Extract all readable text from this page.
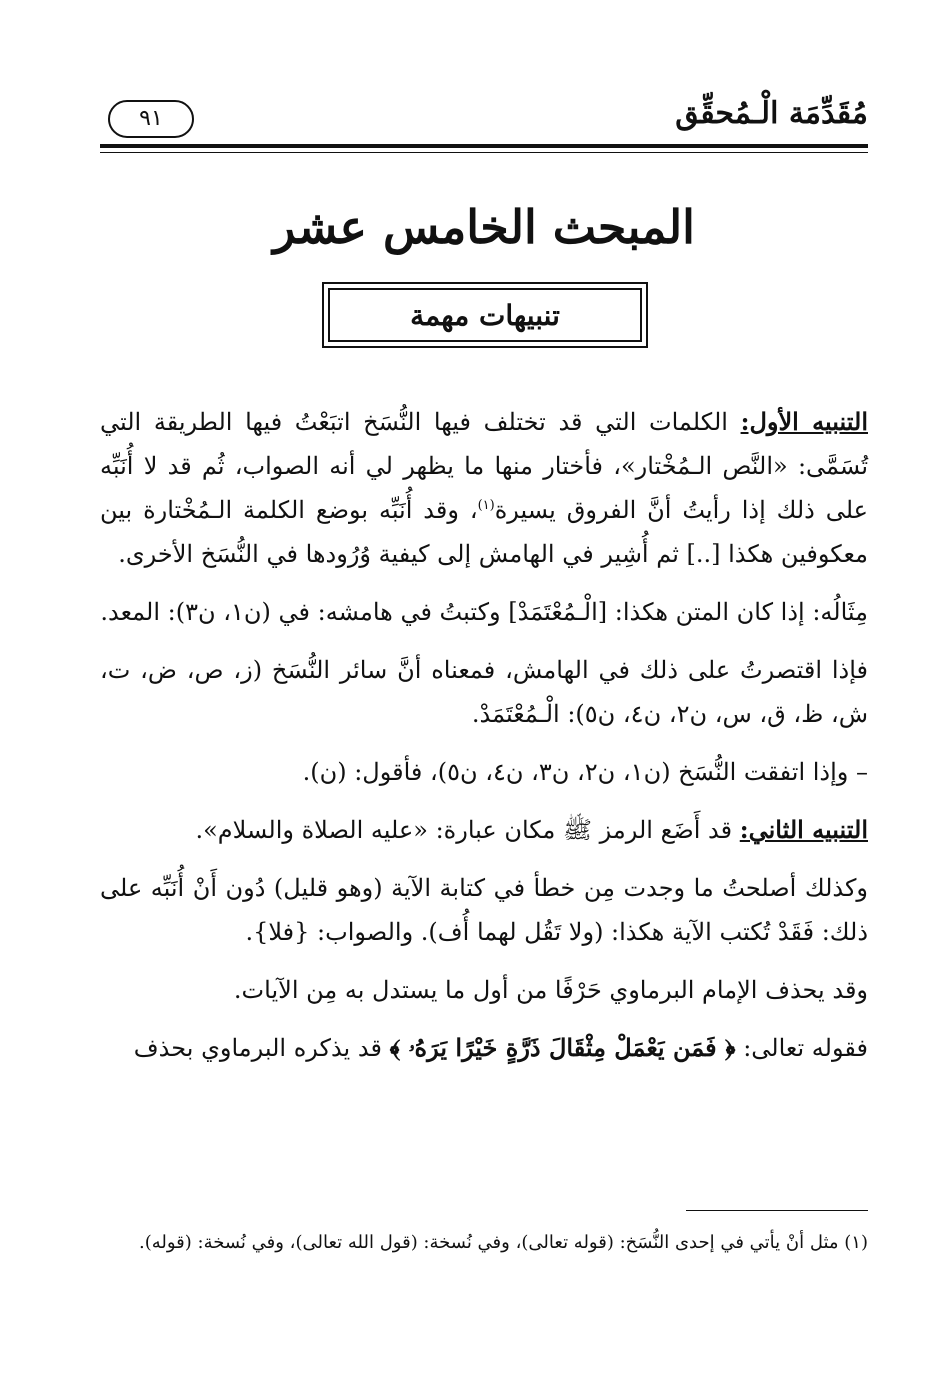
مُقَدِّمَة الْـمُحقِّق
٩١
المبحث الخامس عشر
تنبيهات مهمة

التنبيه الأول: الكلمات التي قد تختلف فيها النُّسَخ اتبَعْتُ فيها الطريقة التي تُسَمَّى: «النَّص الـمُخْتار»، فأختار منها ما يظهر لي أنه الصواب، ثُم قد لا أُنَبِّه على ذلك إذا رأيتُ أنَّ الفروق يسيرة$^{(١)}$، وقد أُنَبِّه بوضع الكلمة الـمُخْتارة بين معكوفين هكذا [..] ثم أُشِير في الهامش إلى كيفية وُرُودها في النُّسَخ الأخرى.

مِثَالُه: إذا كان المتن هكذا: [الْـمُعْتَمَدْ] وكتبتُ في هامشه: في (ن١، ن٣): المعد.

فإذا اقتصرتُ على ذلك في الهامش، فمعناه أنَّ سائر النُّسَخ (ز، ص، ض، ت، ش، ظ، ق، س، ن٢، ن٤، ن٥): الْـمُعْتَمَدْ.

– وإذا اتفقت النُّسَخ (ن١، ن٢، ن٣، ن٤، ن٥)، فأقول: (ن).

التنبيه الثاني: قد أَضَع الرمز ﷺ مكان عبارة: «عليه الصلاة والسلام».

وكذلك أصلحتُ ما وجدت مِن خطأ في كتابة الآية (وهو قليل) دُون أَنْ أُنَبِّه على ذلك: فَقَدْ تُكتب الآية هكذا: (ولا تَقُل لهما أُف). والصواب: {فلا}.

وقد يحذف الإمام البرماوي حَرْفًا من أول ما يستدل به مِن الآيات.

فقوله تعالى: ﴿ فَمَن يَعْمَلْ مِثْقَالَ ذَرَّةٍ خَيْرًا يَرَهُۥ ﴾ قد يذكره البرماوي بحذف

(١) مثل أنْ يأتي في إحدى النُّسَخ: (قوله تعالى)، وفي نُسخة: (قول الله تعالى)، وفي نُسخة: (قوله).
